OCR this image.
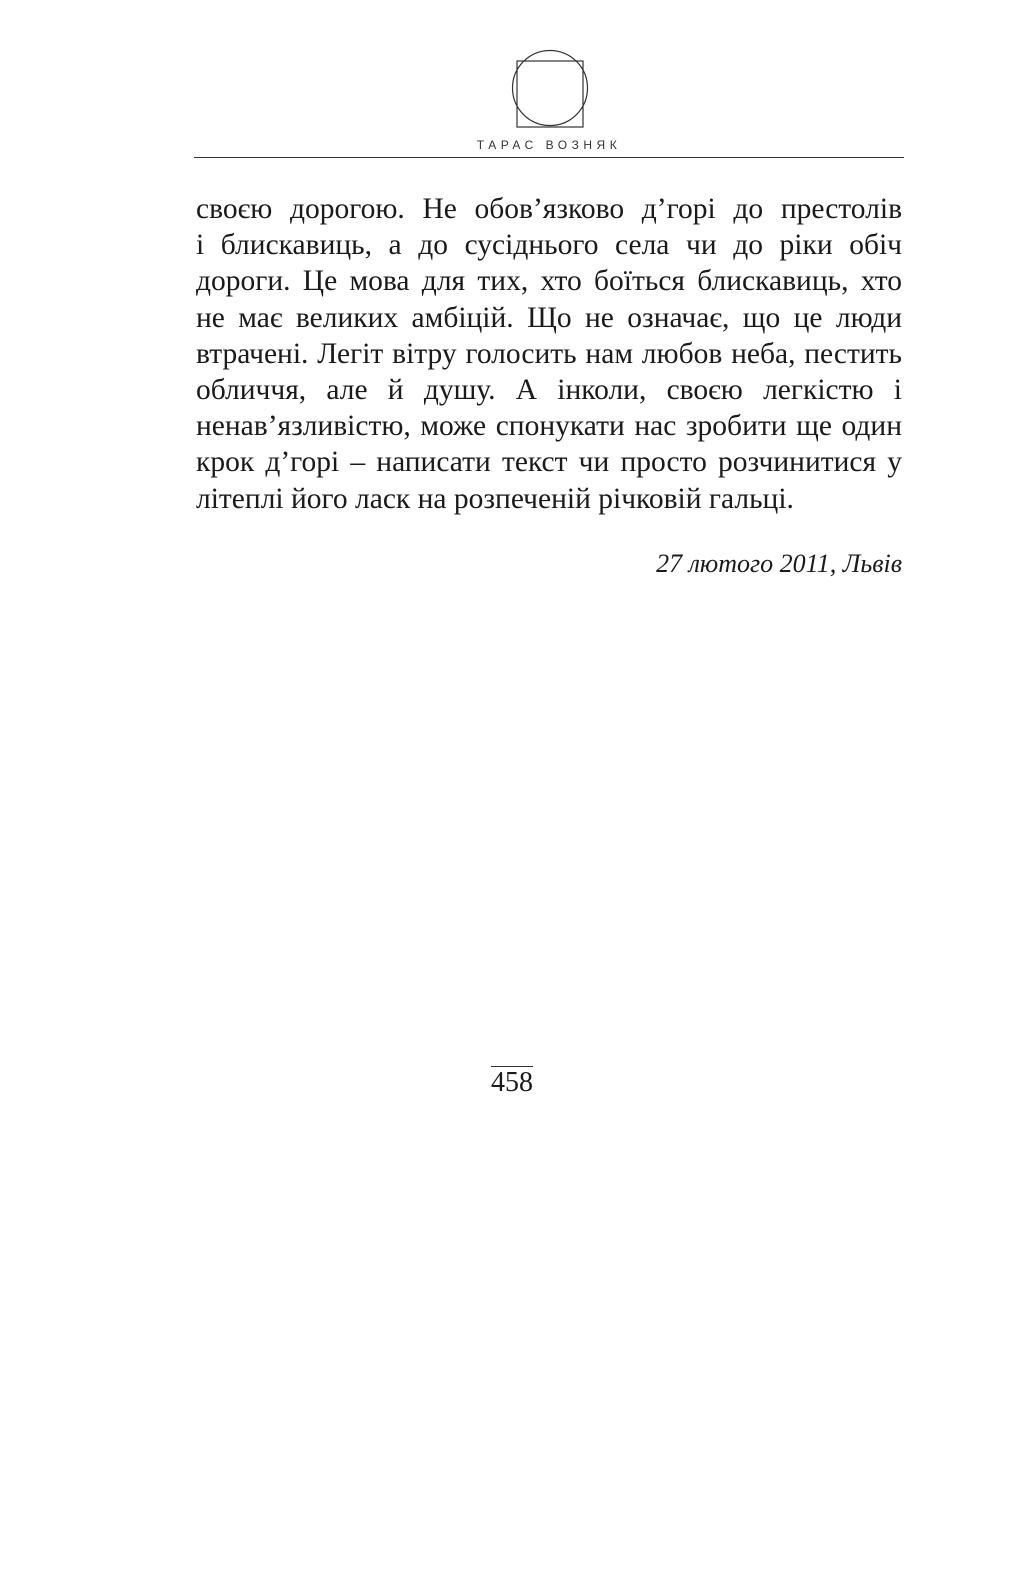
ТАРАС ВОЗНЯК
своєю дорогою. Не обов’язково д’горі до престолів
і блискавиць, а до сусіднього села чи до ріки обіч
дороги. Це мова для тих, хто боїться блискавиць, хто
не має великих амбіцій. Що не означає, що це люди
втрачені. Легіт вітру голосить нам любов неба, пестить
обличчя, але й душу. А інколи, своєю легкістю і
ненав’язливістю, може спонукати нас зробити ще один
крок д’горі – написати текст чи просто розчинитися у
літеплі його ласк на розпеченій річковій гальці.
27 лютого 2011, Львів
458
